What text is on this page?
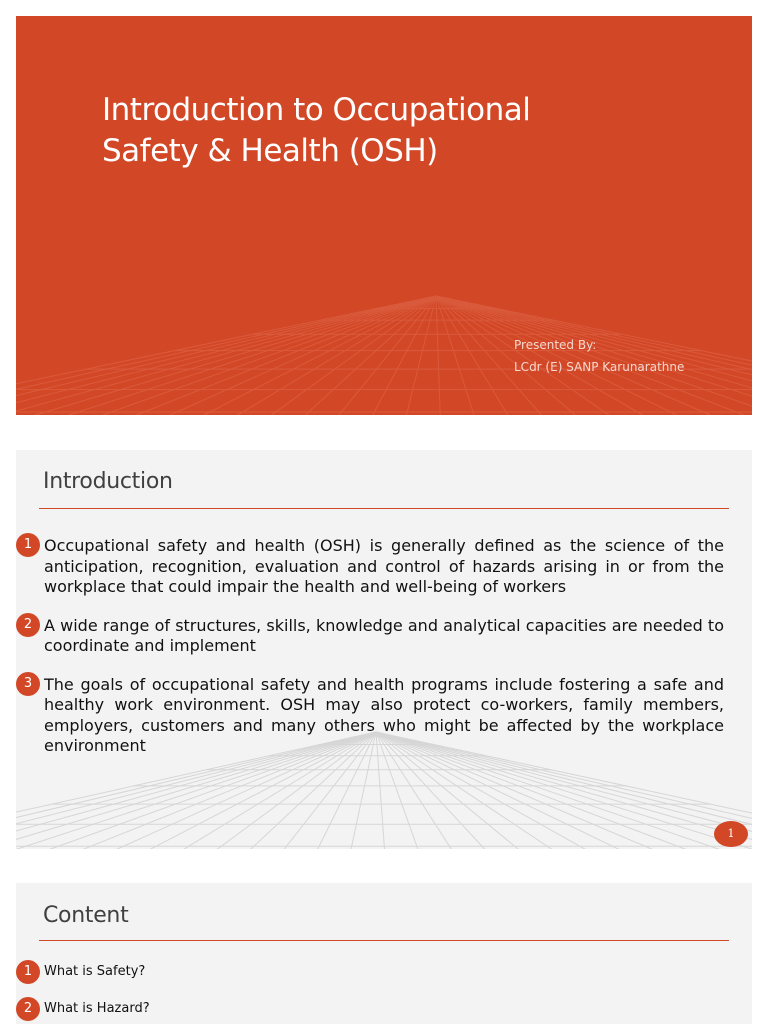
Introduction to Occupational
Safety & Health (OSH)
Presented By:
LCdr (E) SANP Karunarathne
Introduction
1 Occupational safety and health (OSH) is generally defined as the science of the anticipation, recognition, evaluation and control of hazards arising in or from the workplace that could impair the health and well-being of workers
2 A wide range of structures, skills, knowledge and analytical capacities are needed to coordinate and implement
3 The goals of occupational safety and health programs include fostering a safe and healthy work environment. OSH may also protect co-workers, family members, employers, customers and many others who might be affected by the workplace environment
1
Content
1 What is Safety?
2 What is Hazard?
